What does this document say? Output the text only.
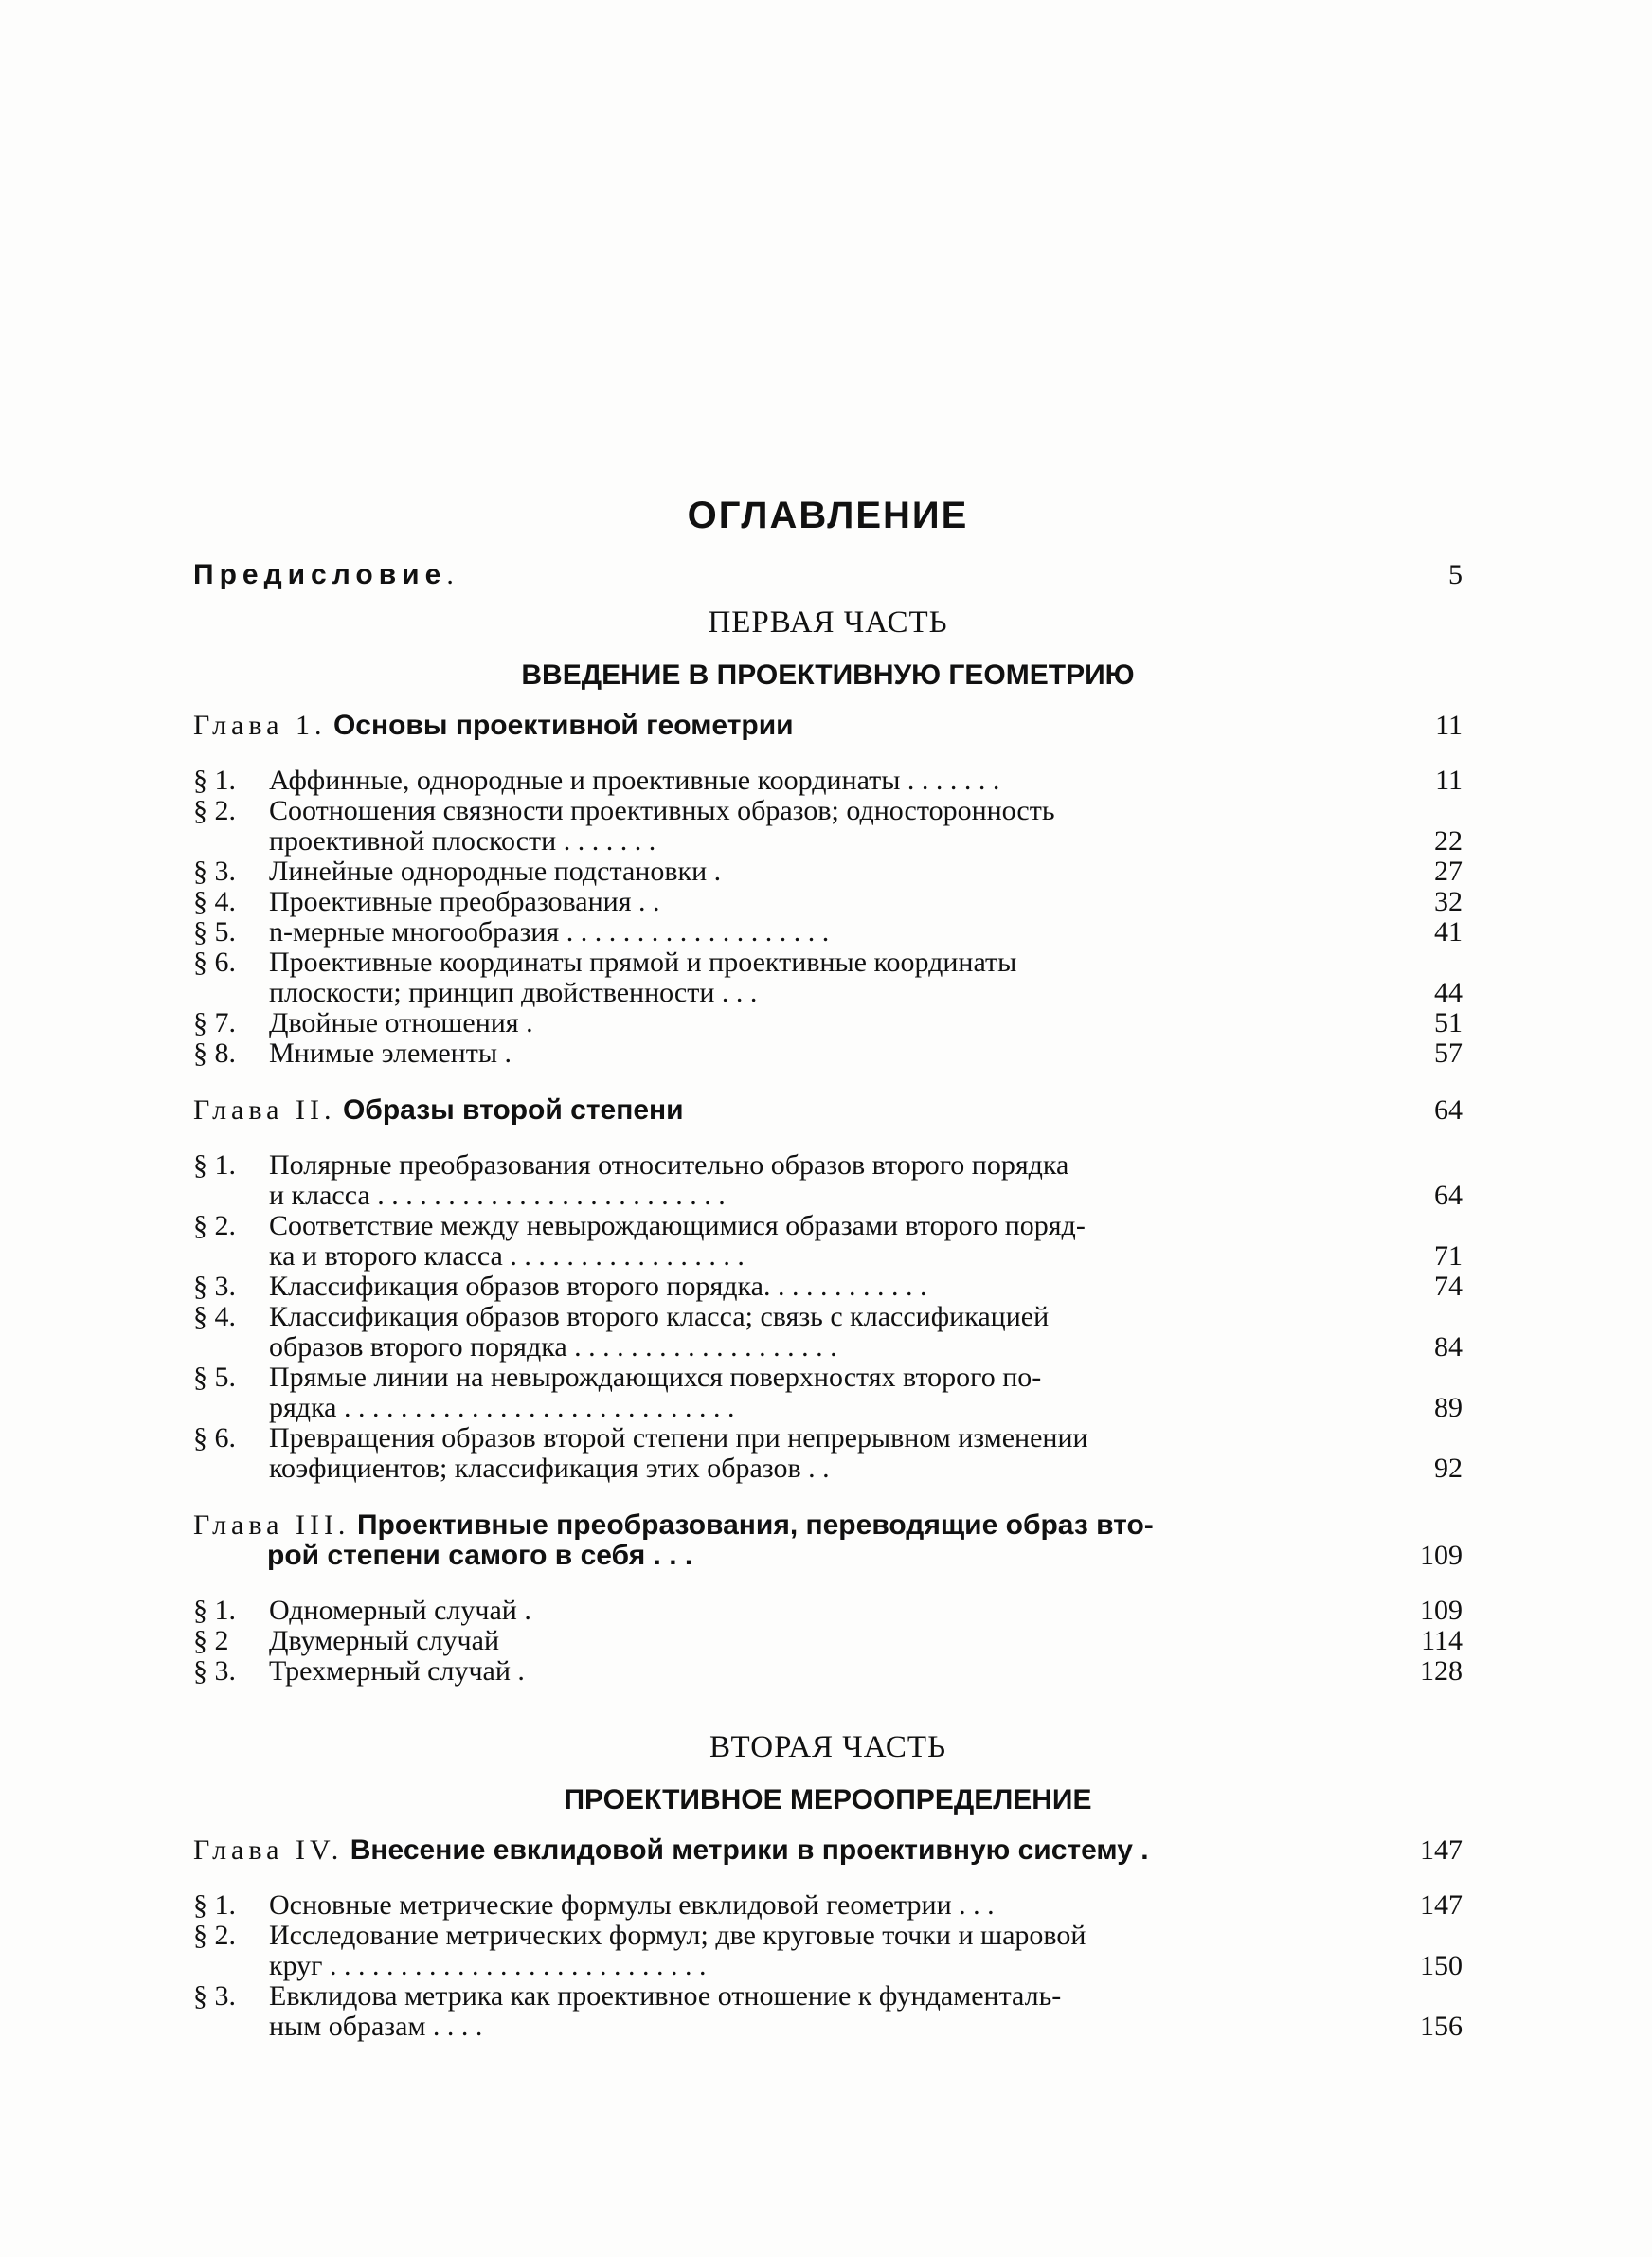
ОГЛАВЛЕНИЕ
Предисловие.	5
ПЕРВАЯ ЧАСТЬ
ВВЕДЕНИЕ В ПРОЕКТИВНУЮ ГЕОМЕТРИЮ
Глава 1. Основы проективной геометрии	11
§ 1.	Аффинные, однородные и проективные координаты . . . . . . .	11
§ 2.	Соотношения связности проективных образов; односторонность
проективной плоскости . . . . . . .	22
§ 3.	Линейные однородные подстановки .	27
§ 4.	Проективные преобразования . .	32
§ 5.	n-мерные многообразия . . . . . . . . . . . . . . . . . . .	41
§ 6.	Проективные координаты прямой и проективные координаты
плоскости; принцип двойственности . . .	44
§ 7.	Двойные отношения .	51
§ 8.	Мнимые элементы .	57
Глава II. Образы второй степени	64
§ 1.	Полярные преобразования относительно образов второго порядка
и класса . . . . . . . . . . . . . . . . . . . . . . . . .	64
§ 2.	Соответствие между невырождающимися образами второго поряд-
ка и второго класса . . . . . . . . . . . . . . . . .	71
§ 3.	Классификация образов второго порядка. . . . . . . . . . . .	74
§ 4.	Классификация образов второго класса; связь с классификацией
образов второго порядка . . . . . . . . . . . . . . . . . . .	84
§ 5.	Прямые линии на невырождающихся поверхностях второго по-
рядка . . . . . . . . . . . . . . . . . . . . . . . . . . . .	89
§ 6.	Превращения образов второй степени при непрерывном изменении
коэфициентов; классификация этих образов . .	92
Глава III. Проективные преобразования, переводящие образ вто-
рой степени самого в себя . . .	109
§ 1.	Одномерный случай .	109
§ 2	Двумерный случай	114
§ 3.	Трехмерный случай .	128
ВТОРАЯ ЧАСТЬ
ПРОЕКТИВНОЕ МЕРООПРЕДЕЛЕНИЕ
Глава IV. Внесение евклидовой метрики в проективную систему .	147
§ 1.	Основные метрические формулы евклидовой геометрии . . .	147
§ 2.	Исследование метрических формул; две круговые точки и шаровой
круг . . . . . . . . . . . . . . . . . . . . . . . . . . .	150
§ 3.	Евклидова метрика как проективное отношение к фундаменталь-
ным образам . . . .	156
